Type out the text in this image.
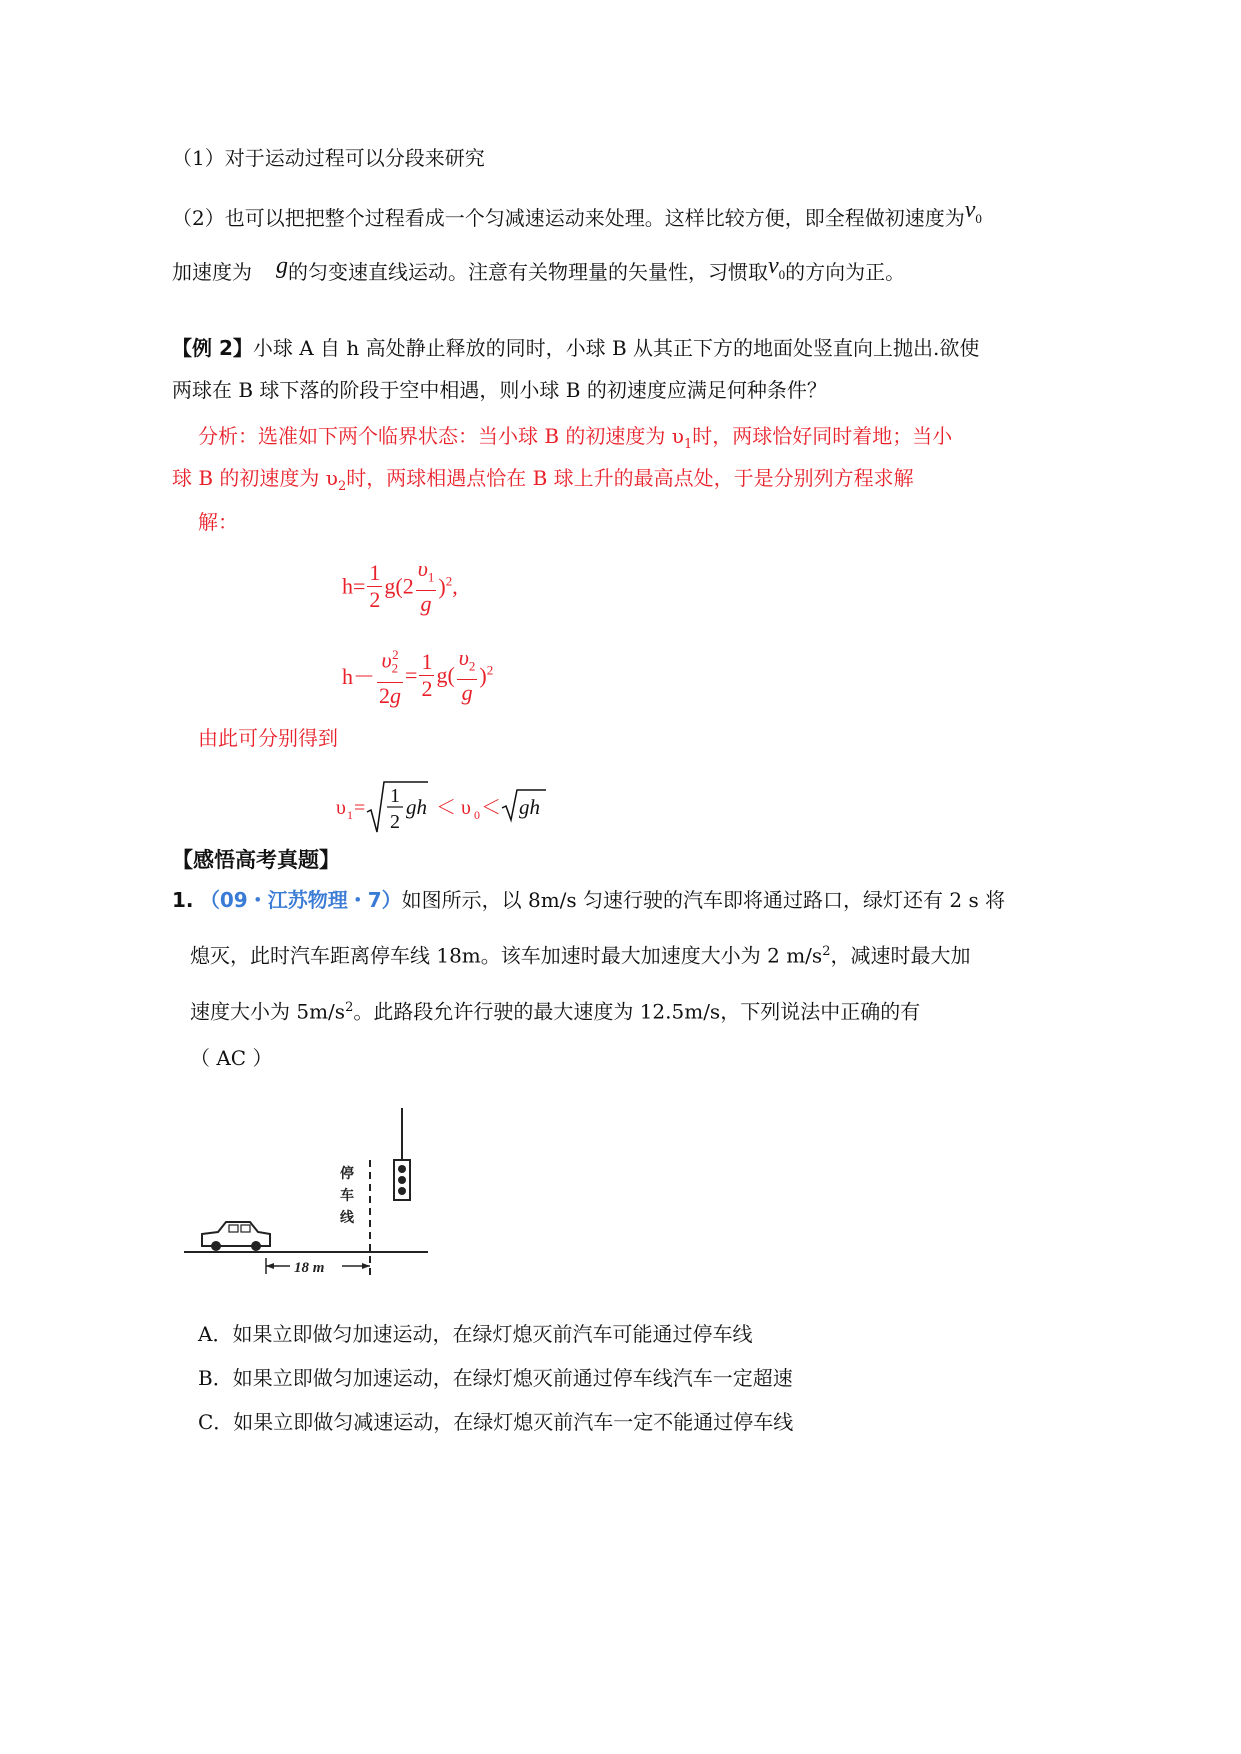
（1）对于运动过程可以分段来研究
（2）也可以把把整个过程看成一个匀减速运动来处理。这样比较方便，即全程做初速度为$v_0$
加速度为 g的匀变速直线运动。注意有关物理量的矢量性，习惯取$v_0$的方向为正。
【例 2】小球 A 自 h 高处静止释放的同时，小球 B 从其正下方的地面处竖直向上抛出.欲使
两球在 B 球下落的阶段于空中相遇，则小球 B 的初速度应满足何种条件？
分析：选准如下两个临界状态：当小球 B 的初速度为 $\upsilon_1$时，两球恰好同时着地；当小
球 B 的初速度为 $\upsilon_2$时，两球相遇点恰在 B 球上升的最高点处，于是分别列方程求解
解：
$h= \frac{1}{2} g(2 \frac{\upsilon_1}{g} )^2$,
$h- \frac{\upsilon_2^2}{2g} = \frac{1}{2} g( \frac{\upsilon_2}{g} )^2$
由此可分别得到
υ 1 =
1
2
gh ＜ υ 0 ＜ gh
【感悟高考真题】
1. （09・江苏物理・7）如图所示，以 8m/s 匀速行驶的汽车即将通过路口，绿灯还有 2 s 将
熄灭，此时汽车距离停车线 18m。该车加速时最大加速度大小为 2 $m/s^2$，减速时最大加
速度大小为 $5m/s^2$。此路段允许行驶的最大速度为 12.5m/s，下列说法中正确的有
（ AC ）
停
车
线
18 m
A．如果立即做匀加速运动，在绿灯熄灭前汽车可能通过停车线
B．如果立即做匀加速运动，在绿灯熄灭前通过停车线汽车一定超速
C．如果立即做匀减速运动，在绿灯熄灭前汽车一定不能通过停车线
